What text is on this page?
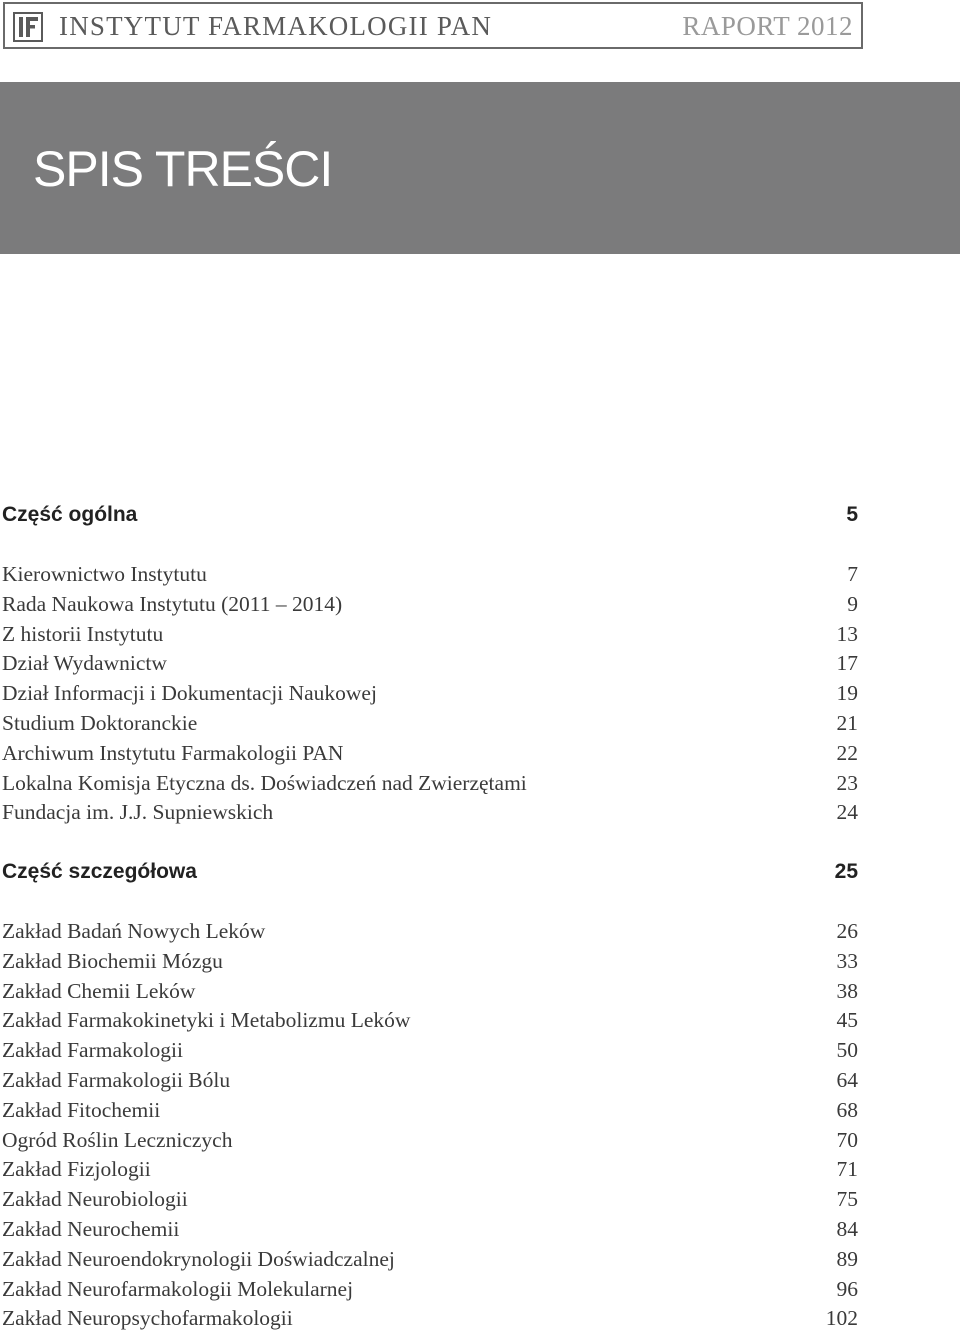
INSTYTUT FARMAKOLOGII PAN	RAPORT 2012
SPIS TREŚCI
Część ogólna	5
Kierownictwo Instytutu	7
Rada Naukowa Instytutu (2011 – 2014)	9
Z historii Instytutu	13
Dział Wydawnictw	17
Dział Informacji i Dokumentacji Naukowej	19
Studium Doktoranckie	21
Archiwum Instytutu Farmakologii PAN	22
Lokalna Komisja Etyczna ds. Doświadczeń nad Zwierzętami	23
Fundacja im. J.J. Supniewskich	24
Część szczegółowa	25
Zakład Badań Nowych Leków	26
Zakład Biochemii Mózgu	33
Zakład Chemii Leków	38
Zakład Farmakokinetyki i Metabolizmu Leków	45
Zakład Farmakologii	50
Zakład Farmakologii Bólu	64
Zakład Fitochemii	68
Ogród Roślin Leczniczych	70
Zakład Fizjologii	71
Zakład Neurobiologii	75
Zakład Neurochemii	84
Zakład Neuroendokrynologii Doświadczalnej	89
Zakład Neurofarmakologii Molekularnej	96
Zakład Neuropsychofarmakologii	102
